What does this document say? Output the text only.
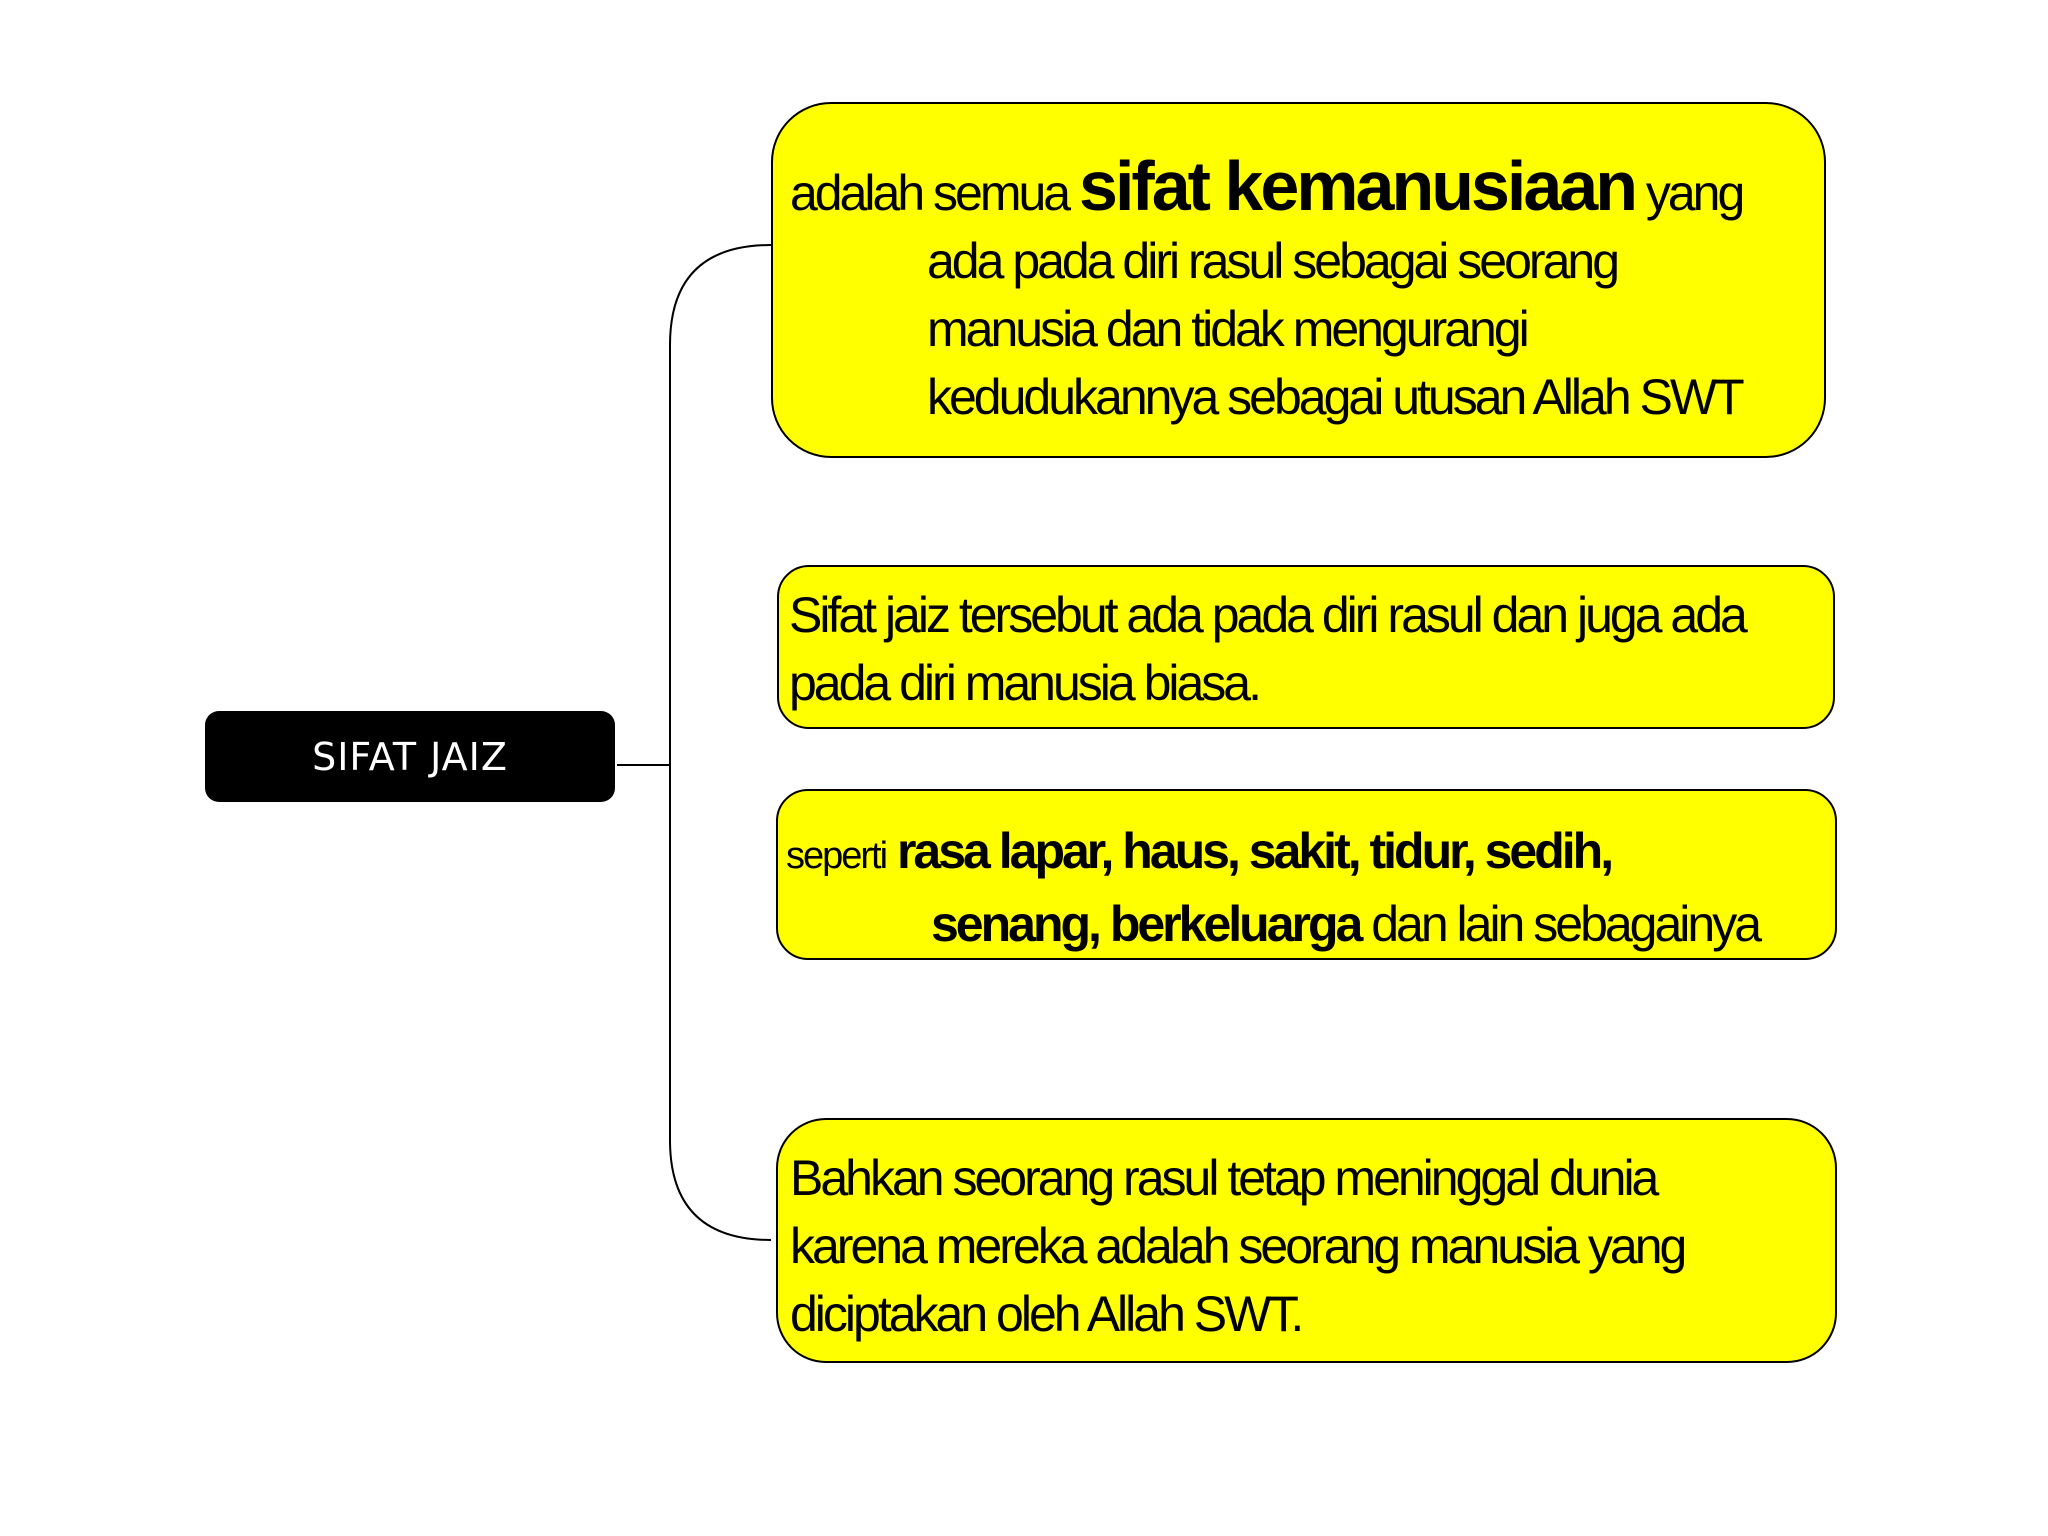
SIFAT JAIZ
adalah semua sifat kemanusiaan yang
ada pada diri rasul sebagai seorang
manusia dan tidak mengurangi
kedudukannya sebagai utusan Allah SWT
Sifat jaiz tersebut ada pada diri rasul dan juga ada
pada diri manusia biasa.
seperti rasa lapar, haus, sakit, tidur, sedih,
senang, berkeluarga dan lain sebagainya
Bahkan seorang rasul tetap meninggal dunia
karena mereka adalah seorang manusia yang
diciptakan oleh Allah SWT.
